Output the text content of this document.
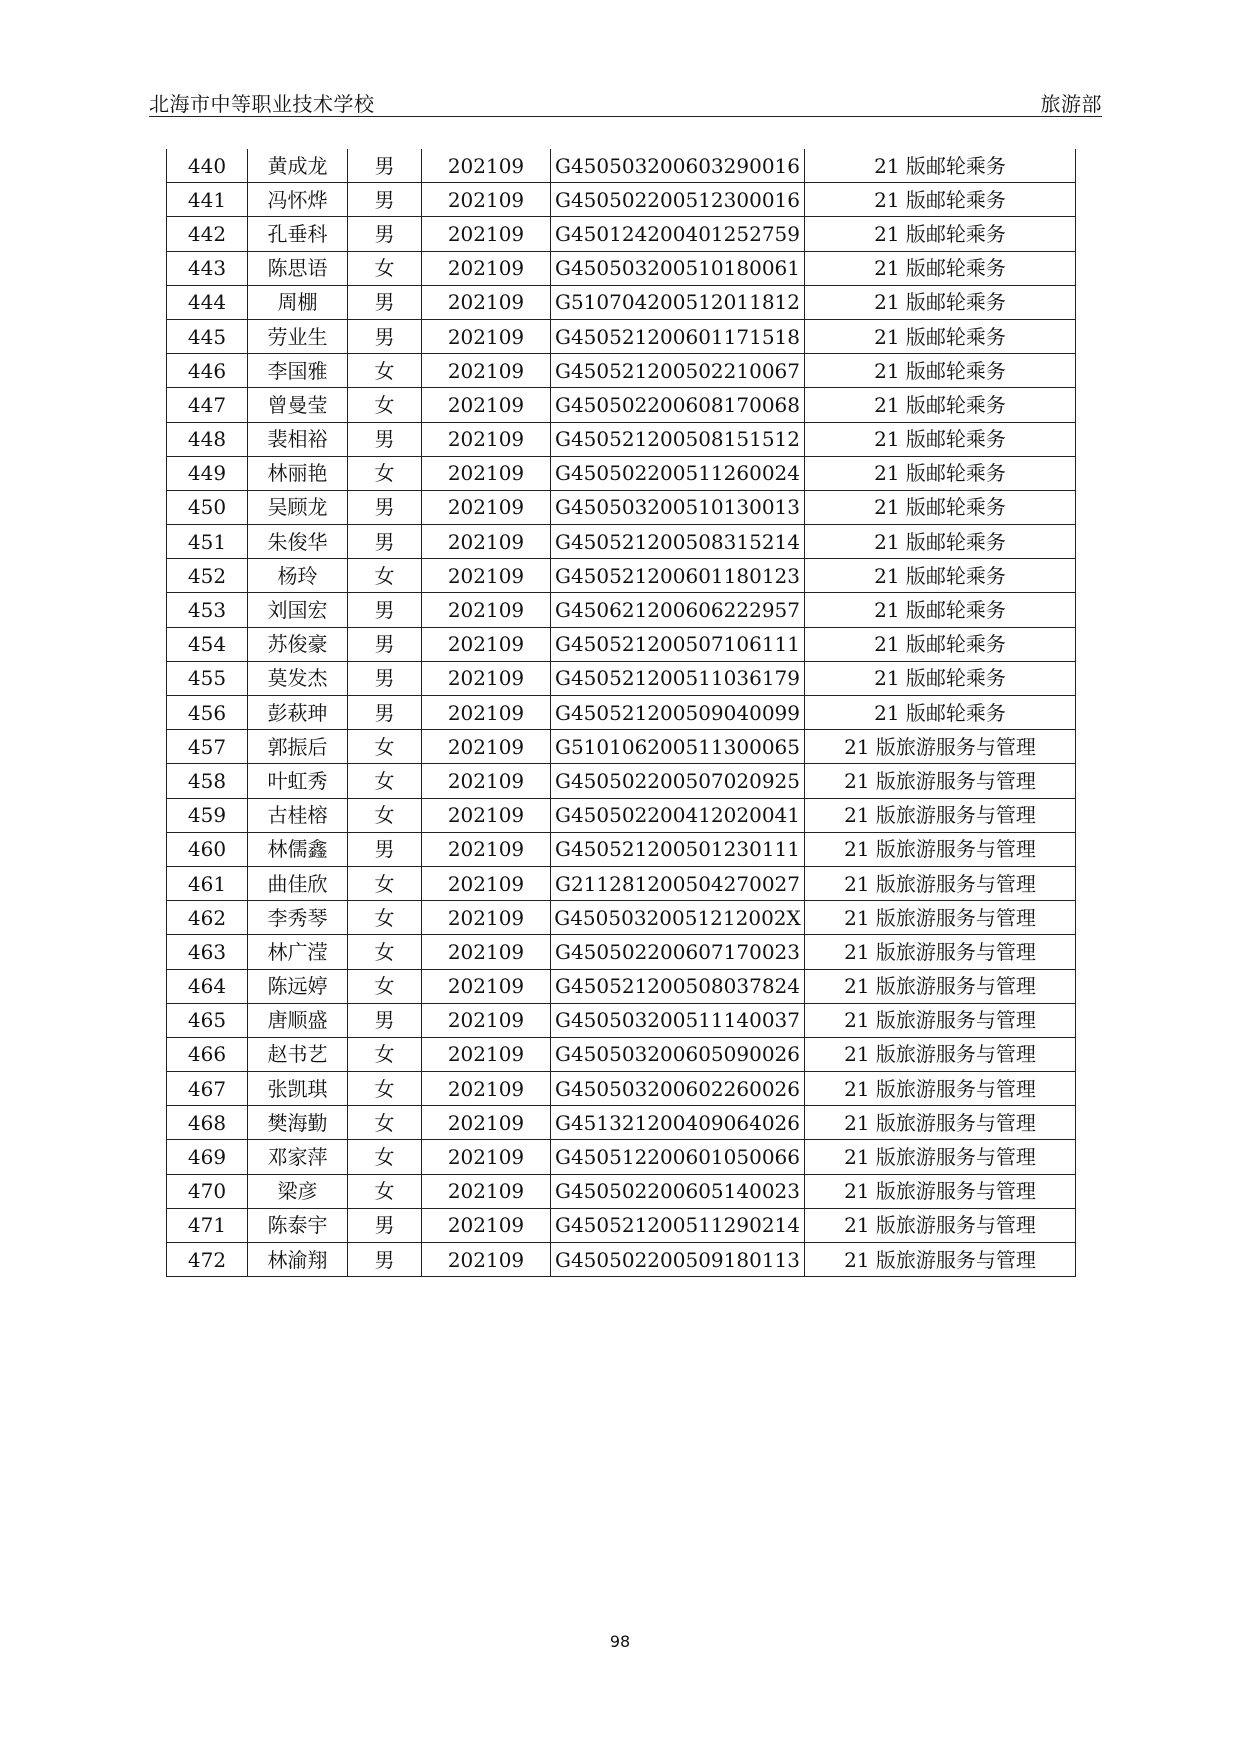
北海市中等职业技术学校	旅游部
440	黄成龙	男	202109	G450503200603290016	21 版邮轮乘务
441	冯怀烨	男	202109	G450502200512300016	21 版邮轮乘务
442	孔垂科	男	202109	G450124200401252759	21 版邮轮乘务
443	陈思语	女	202109	G450503200510180061	21 版邮轮乘务
444	周棚	男	202109	G510704200512011812	21 版邮轮乘务
445	劳业生	男	202109	G450521200601171518	21 版邮轮乘务
446	李国雅	女	202109	G450521200502210067	21 版邮轮乘务
447	曾曼莹	女	202109	G450502200608170068	21 版邮轮乘务
448	裴相裕	男	202109	G450521200508151512	21 版邮轮乘务
449	林丽艳	女	202109	G450502200511260024	21 版邮轮乘务
450	吴顾龙	男	202109	G450503200510130013	21 版邮轮乘务
451	朱俊华	男	202109	G450521200508315214	21 版邮轮乘务
452	杨玲	女	202109	G450521200601180123	21 版邮轮乘务
453	刘国宏	男	202109	G450621200606222957	21 版邮轮乘务
454	苏俊豪	男	202109	G450521200507106111	21 版邮轮乘务
455	莫发杰	男	202109	G450521200511036179	21 版邮轮乘务
456	彭萩珅	男	202109	G450521200509040099	21 版邮轮乘务
457	郭振后	女	202109	G510106200511300065	21 版旅游服务与管理
458	叶虹秀	女	202109	G450502200507020925	21 版旅游服务与管理
459	古桂榕	女	202109	G450502200412020041	21 版旅游服务与管理
460	林儒鑫	男	202109	G450521200501230111	21 版旅游服务与管理
461	曲佳欣	女	202109	G211281200504270027	21 版旅游服务与管理
462	李秀琴	女	202109	G45050320051212002X	21 版旅游服务与管理
463	林广滢	女	202109	G450502200607170023	21 版旅游服务与管理
464	陈远婷	女	202109	G450521200508037824	21 版旅游服务与管理
465	唐顺盛	男	202109	G450503200511140037	21 版旅游服务与管理
466	赵书艺	女	202109	G450503200605090026	21 版旅游服务与管理
467	张凯琪	女	202109	G450503200602260026	21 版旅游服务与管理
468	樊海勤	女	202109	G451321200409064026	21 版旅游服务与管理
469	邓家萍	女	202109	G450512200601050066	21 版旅游服务与管理
470	梁彦	女	202109	G450502200605140023	21 版旅游服务与管理
471	陈泰宇	男	202109	G450521200511290214	21 版旅游服务与管理
472	林渝翔	男	202109	G450502200509180113	21 版旅游服务与管理
98
